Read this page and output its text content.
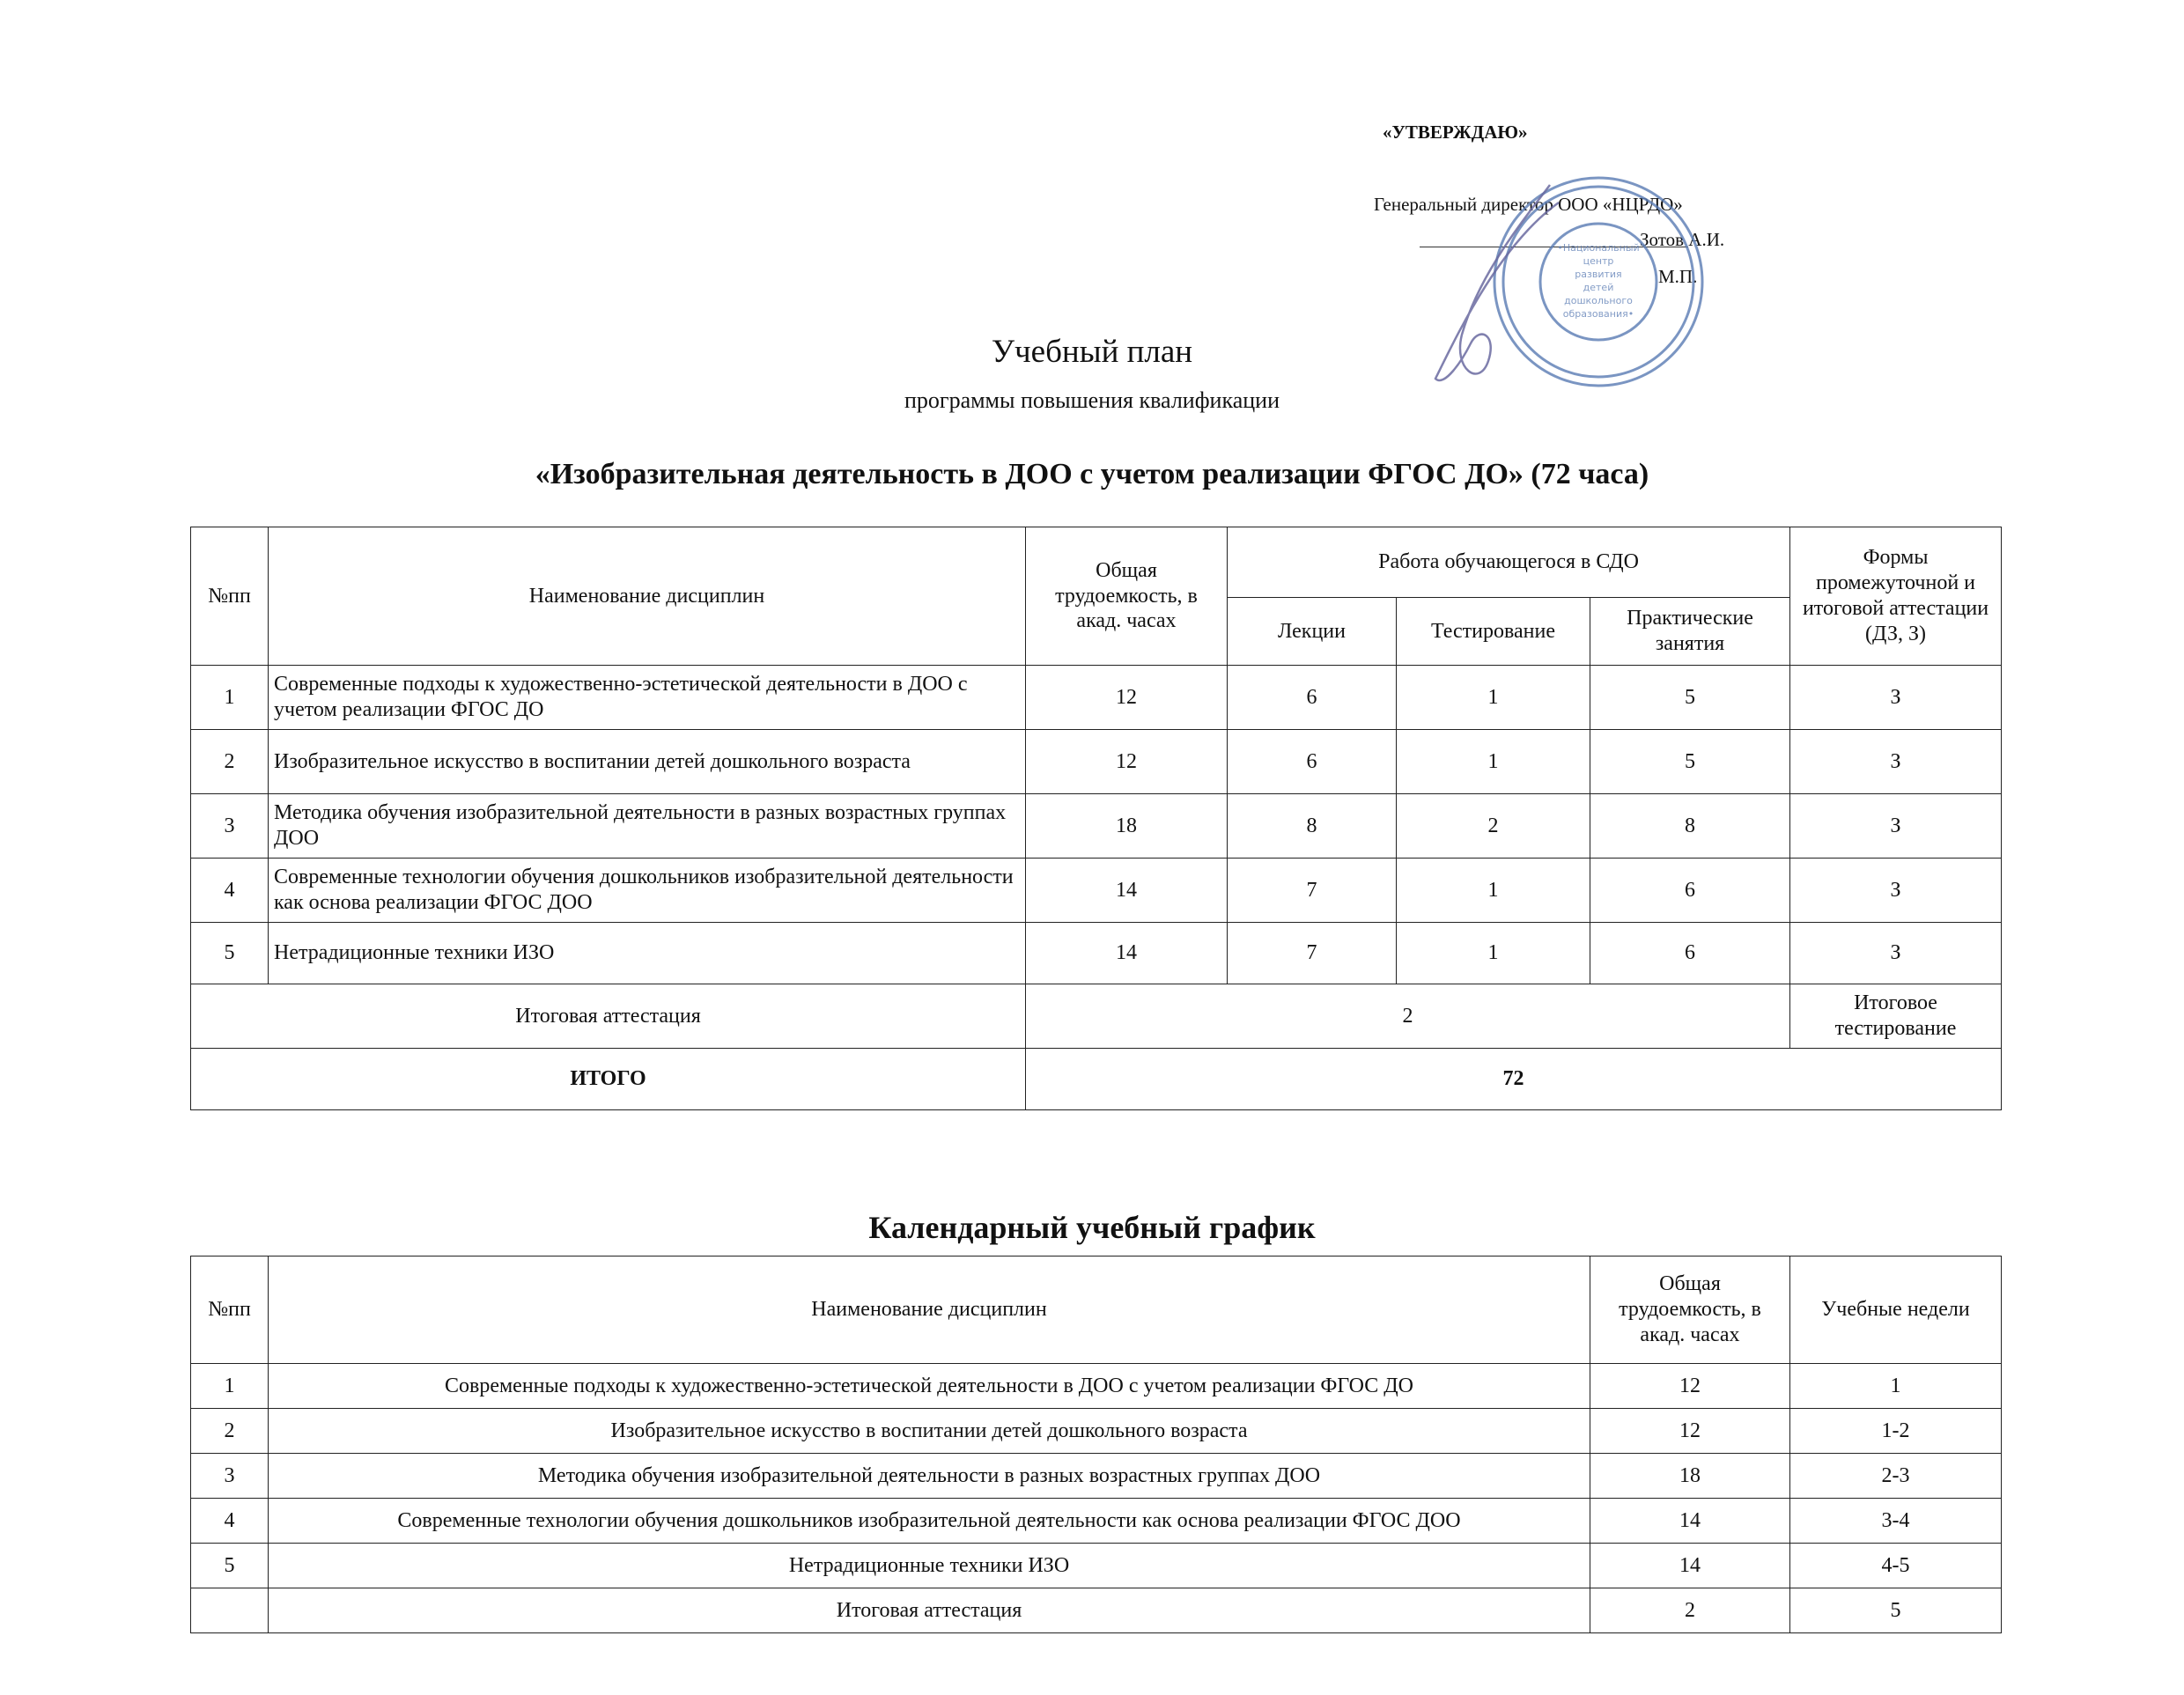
«УТВЕРЖДАЮ»
Генеральный директор ООО «НЦРДО»
Зотов А.И.
М.П.
•Национальный
центр
развития
детей
дошкольного
образования•
Учебный план
программы повышения квалификации
«Изобразительная деятельность в ДОО с учетом реализации ФГОС ДО» (72 часа)
№пп	Наименование дисциплин	Общая трудоемкость, в акад. часах	Работа обучающегося в СДО			Формы промежуточной и итоговой аттестации (ДЗ, З)
			Лекции	Тестирование	Практические занятия	
1	Современные подходы к художественно-эстетической деятельности в ДОО с учетом реализации ФГОС ДО	12	6	1	5	З
2	Изобразительное искусство в воспитании детей дошкольного возраста	12	6	1	5	З
3	Методика обучения изобразительной деятельности в разных возрастных группах ДОО	18	8	2	8	З
4	Современные технологии обучения дошкольников изобразительной деятельности как основа реализации ФГОС ДОО	14	7	1	6	З
5	Нетрадиционные техники ИЗО	14	7	1	6	З
Итоговая аттестация		2				Итоговое тестирование
ИТОГО		72				
Календарный учебный график
№пп	Наименование дисциплин	Общая трудоемкость, в акад. часах	Учебные недели
1	Современные подходы к художественно-эстетической деятельности в ДОО с учетом реализации ФГОС ДО	12	1
2	Изобразительное искусство в воспитании детей дошкольного возраста	12	1-2
3	Методика обучения изобразительной деятельности в разных возрастных группах ДОО	18	2-3
4	Современные технологии обучения дошкольников изобразительной деятельности как основа реализации ФГОС ДОО	14	3-4
5	Нетрадиционные техники ИЗО	14	4-5
	Итоговая аттестация	2	5
